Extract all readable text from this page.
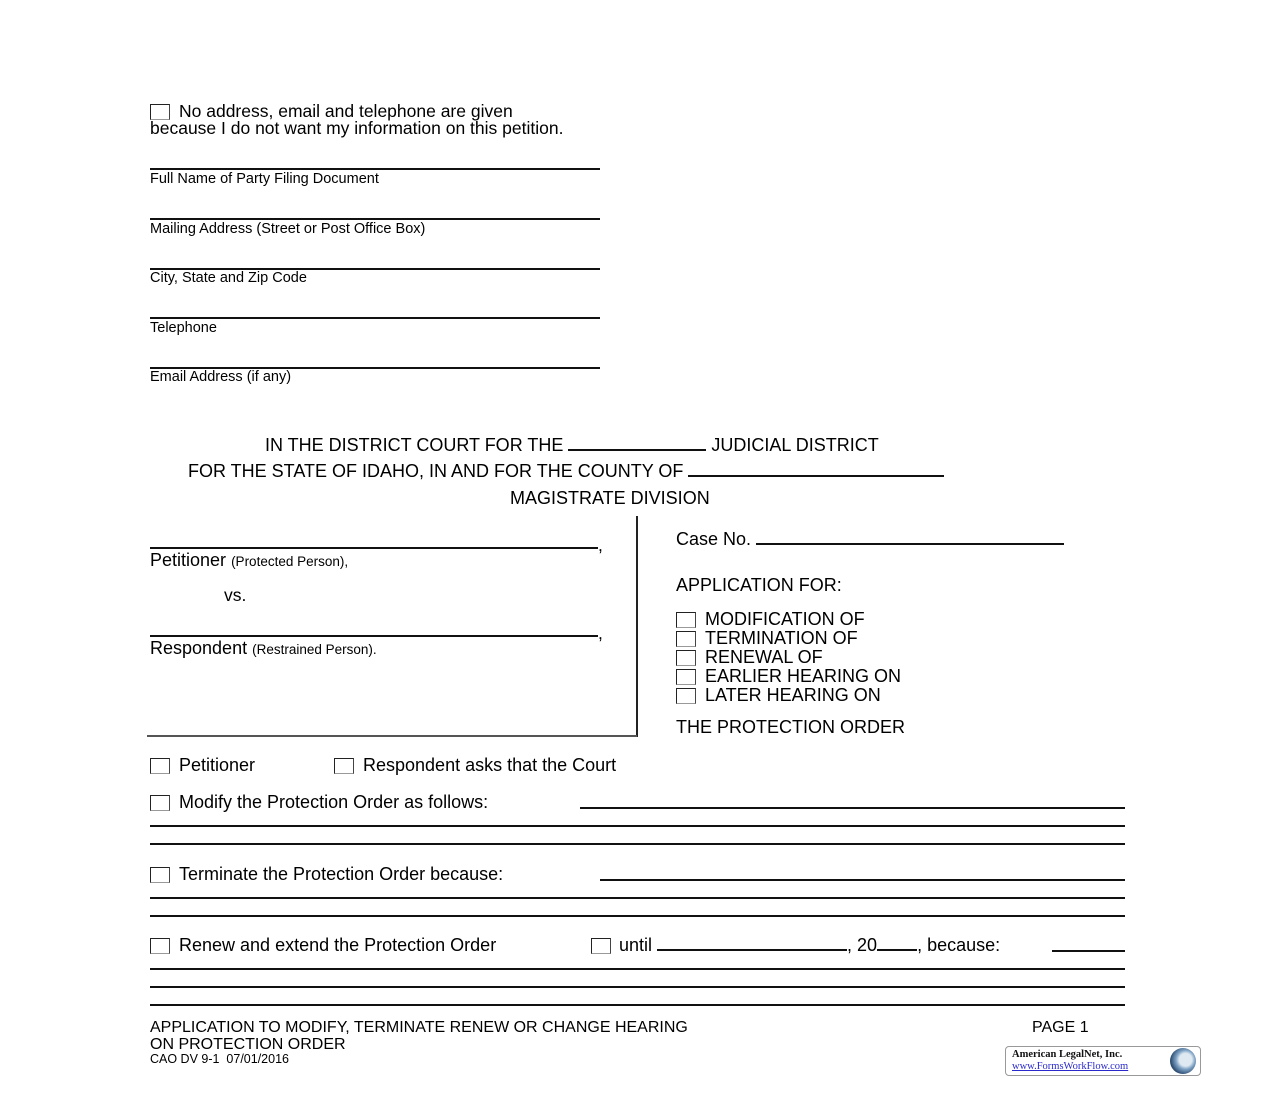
No address, email and telephone are given
because I do not want my information on this petition.
Full Name of Party Filing Document
Mailing Address (Street or Post Office Box)
City, State and Zip Code
Telephone
Email Address (if any)
IN THE DISTRICT COURT FOR THE	JUDICIAL DISTRICT
FOR THE STATE OF IDAHO, IN AND FOR THE COUNTY OF
MAGISTRATE DIVISION
,
Petitioner (Protected Person),
vs.
,
Respondent (Restrained Person).
Case No.
APPLICATION FOR:
MODIFICATION OF
TERMINATION OF
RENEWAL OF
EARLIER HEARING ON
LATER HEARING ON
THE PROTECTION ORDER
Petitioner	Respondent asks that the Court
Modify the Protection Order as follows:
Terminate the Protection Order because:
Renew and extend the Protection Order	until	, 20 , because:
APPLICATION TO MODIFY, TERMINATE RENEW OR CHANGE HEARING
ON PROTECTION ORDER
CAO DV 9-1  07/01/2016
PAGE 1
American LegalNet, Inc.
www.FormsWorkFlow.com
